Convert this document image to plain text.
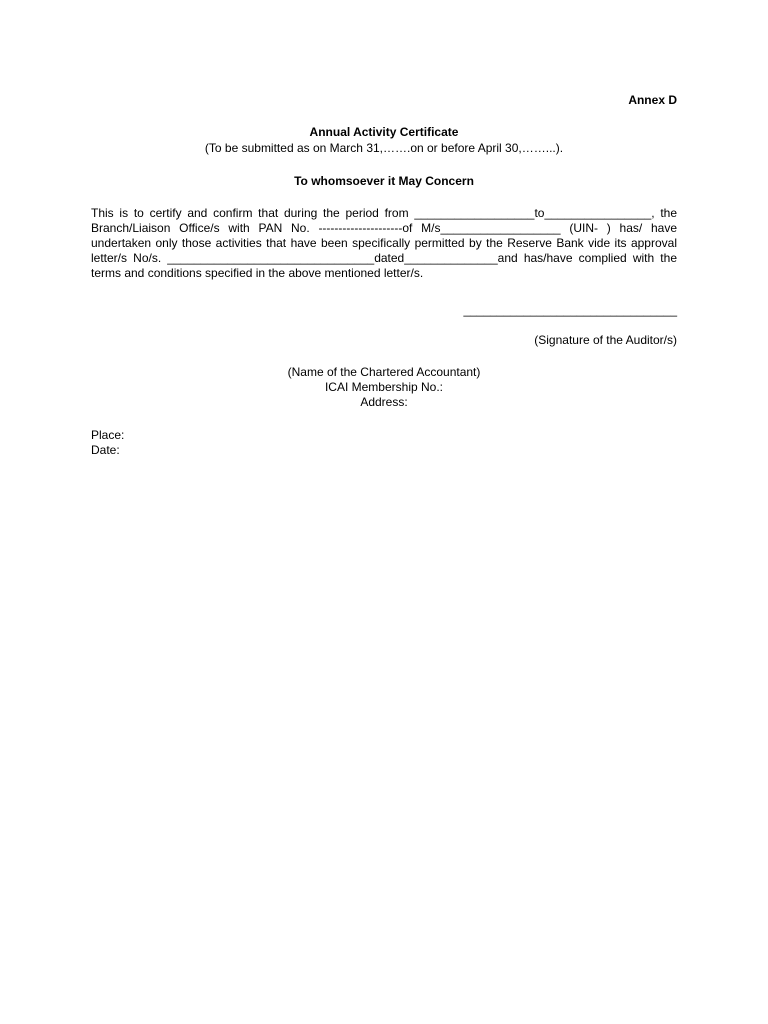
Annex D
Annual Activity Certificate
(To be submitted as on March 31,…….on or before April 30,……...).
To whomsoever it May Concern
This is to certify and confirm that during the period from __________________to________________, the Branch/Liaison Office/s with PAN No. ---------------------of M/s__________________ (UIN- ) has/ have undertaken only those activities that have been specifically permitted by the Reserve Bank vide its approval letter/s No/s. _______________________________dated______________and has/have complied with the terms and conditions specified in the above mentioned letter/s.
________________________________
(Signature of the Auditor/s)
(Name of the Chartered Accountant)
ICAI Membership No.:
Address:
Place:
Date:
